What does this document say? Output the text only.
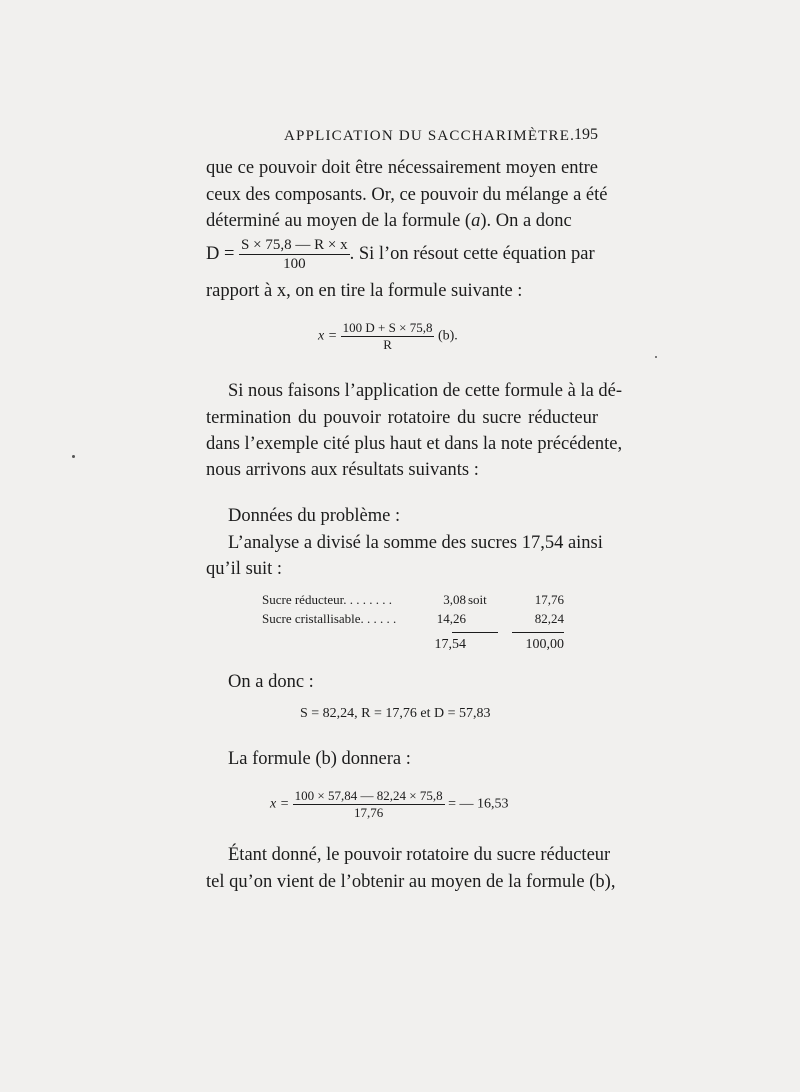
APPLICATION DU SACCHARIMÈTRE.
195
que ce pouvoir doit être nécessairement moyen entre
ceux des composants. Or, ce pouvoir du mélange a été
déterminé au moyen de la formule (a). On a donc
$D = \frac{S \times 75,8 — R \times x}{100}$ . Si l’on résout cette équation par
rapport à x, on en tire la formule suivante :
$x = \frac{100 D + S \times 75,8}{R} (b)$.
Si nous faisons l’application de cette formule à la dé-
termination du pouvoir rotatoire du sucre réducteur
dans l’exemple cité plus haut et dans la note précédente,
nous arrivons aux résultats suivants :
Données du problème :
L’analyse a divisé la somme des sucres 17,54 ainsi
qu’il suit :
Sucre réducteur. . . . . . . .	3,08 soit	17,76
Sucre cristallisable. . . . . .	14,26	82,24
17,54	100,00
On a donc :
S = 82,24, R = 17,76 et D = 57,83
La formule (b) donnera :
$x = \frac{100 \times 57,84 — 82,24 \times 75,8}{17,76}$ = — 16,53
Étant donné, le pouvoir rotatoire du sucre réducteur
tel qu’on vient de l’obtenir au moyen de la formule (b),
